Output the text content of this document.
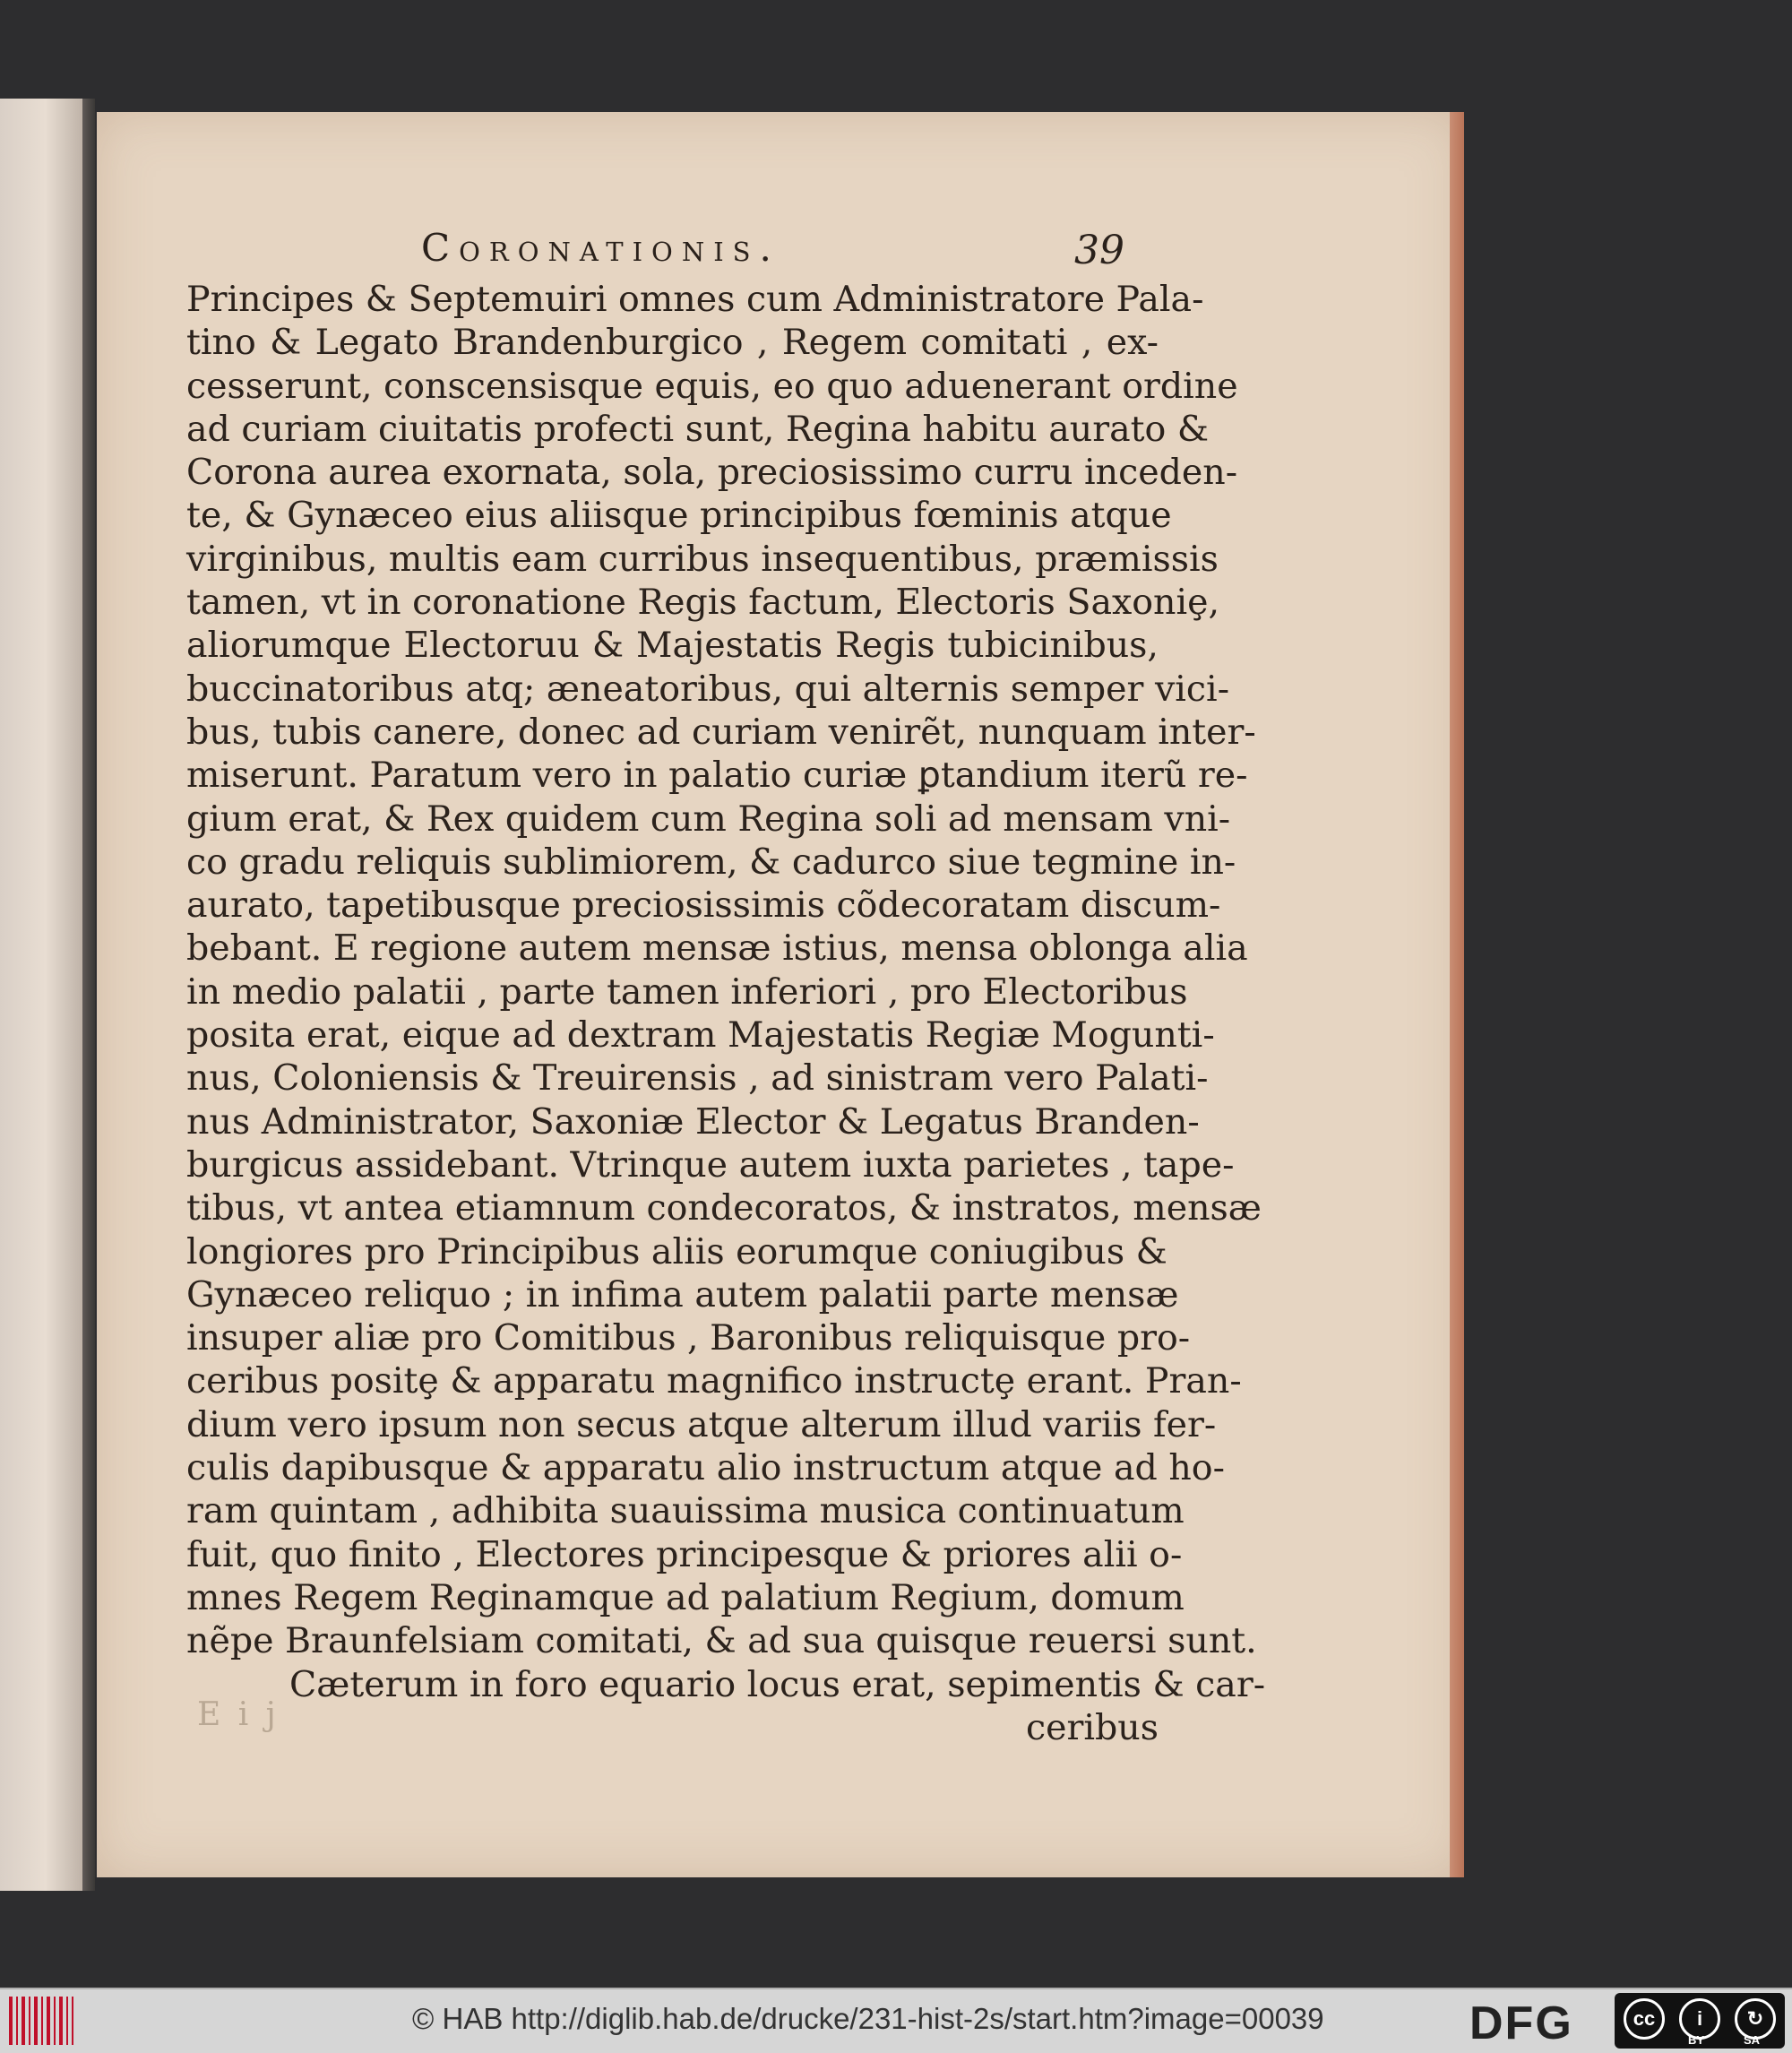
Coronationis.	39
Principes & Septemuiri omnes cum Administratore Pala-
tino & Legato Brandenburgico , Regem comitati , ex-
cesserunt, conscensisque equis, eo quo aduenerant ordine
ad curiam ciuitatis profecti sunt, Regina habitu aurato &
Corona aurea exornata, sola, preciosissimo curru inceden-
te, & Gynæceo eius aliisque principibus fœminis atque
virginibus, multis eam curribus insequentibus, præmissis
tamen, vt in coronatione Regis factum, Electoris Saxoniȩ,
aliorumque Electoruu & Majestatis Regis tubicinibus,
buccinatoribus atq; æneatoribus, qui alternis semper vici-
bus, tubis canere, donec ad curiam venirẽt, nunquam inter-
miserunt. Paratum vero in palatio curiæ ꝑtandium iterũ re-
gium erat, & Rex quidem cum Regina soli ad mensam vni-
co gradu reliquis sublimiorem, & cadurco siue tegmine in-
aurato, tapetibusque preciosissimis cõdecoratam discum-
bebant. E regione autem mensæ istius, mensa oblonga alia
in medio palatii , parte tamen inferiori , pro Electoribus
posita erat, eique ad dextram Majestatis Regiæ Mogunti-
nus, Coloniensis & Treuirensis , ad sinistram vero Palati-
nus Administrator, Saxoniæ Elector & Legatus Branden-
burgicus assidebant. Vtrinque autem iuxta parietes , tape-
tibus, vt antea etiamnum condecoratos, & instratos, mensæ
longiores pro Principibus aliis eorumque coniugibus &
Gynæceo reliquo ; in infima autem palatii parte mensæ
insuper aliæ pro Comitibus , Baronibus reliquisque pro-
ceribus positȩ & apparatu magnifico instructȩ erant. Pran-
dium vero ipsum non secus atque alterum illud variis fer-
culis dapibusque & apparatu alio instructum atque ad ho-
ram quintam , adhibita suauissima musica continuatum
fuit, quo finito , Electores principesque & priores alii o-
mnes Regem Reginamque ad palatium Regium, domum
nẽpe Braunfelsiam comitati, & ad sua quisque reuersi sunt.
Cæterum in foro equario locus erat, sepimentis & car-
ceribus
E i j
© HAB http://diglib.hab.de/drucke/231-hist-2s/start.htm?image=00039	DFG	cc	i	↻
BY	SA
